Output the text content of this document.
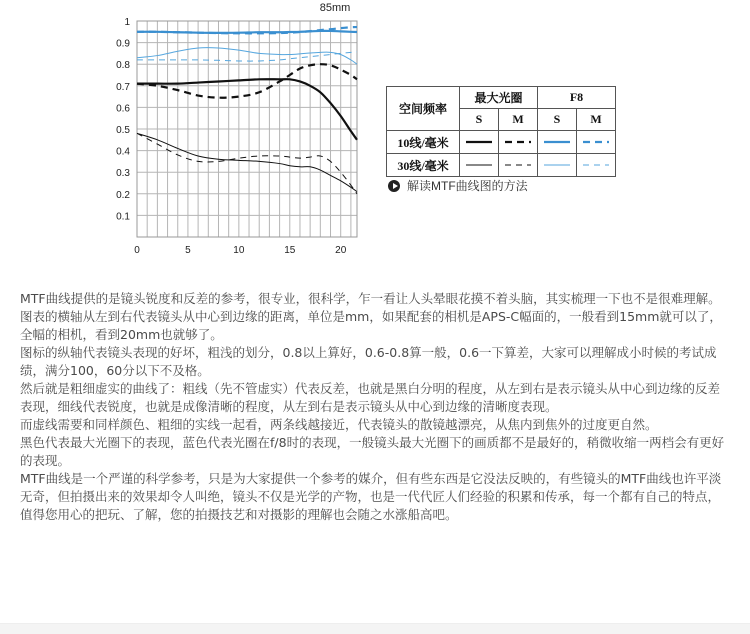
85mm
1
0.9
0.8
0.7
0.6
0.5
0.4
0.3
0.2
0.1
0	5	10	15	20
空间频率	最大光圈		F8	
	S	M	S	M
10线/毫米	

30线/毫米	

解读MTF曲线图的方法

MTF曲线提供的是镜头锐度和反差的参考，很专业，很科学，乍一看让人头晕眼花摸不着头脑，其实梳理一下也不是很难理解。

图表的横轴从左到右代表镜头从中心到边缘的距离，单位是mm，如果配套的相机是APS-C幅面的，一般看到15mm就可以了，全幅的相机，看到20mm也就够了。

图标的纵轴代表镜头表现的好坏，粗浅的划分，0.8以上算好，0.6-0.8算一般，0.6一下算差，大家可以理解成小时候的考试成绩，满分100，60分以下不及格。

然后就是粗细虚实的曲线了：粗线（先不管虚实）代表反差，也就是黑白分明的程度，从左到右是表示镜头从中心到边缘的反差表现，细线代表锐度，也就是成像清晰的程度，从左到右是表示镜头从中心到边缘的清晰度表现。

而虚线需要和同样颜色、粗细的实线一起看，两条线越接近，代表镜头的散镜越漂亮，从焦内到焦外的过度更自然。

黑色代表最大光圈下的表现，蓝色代表光圈在f/8时的表现，一般镜头最大光圈下的画质都不是最好的，稍微收缩一两档会有更好的表现。

MTF曲线是一个严谨的科学参考，只是为大家提供一个参考的媒介，但有些东西是它没法反映的，有些镜头的MTF曲线也许平淡无奇，但拍摄出来的效果却令人叫绝，镜头不仅是光学的产物，也是一代代匠人们经验的积累和传承，每一个都有自己的特点，值得您用心的把玩、了解，您的拍摄技艺和对摄影的理解也会随之水涨船高吧。
